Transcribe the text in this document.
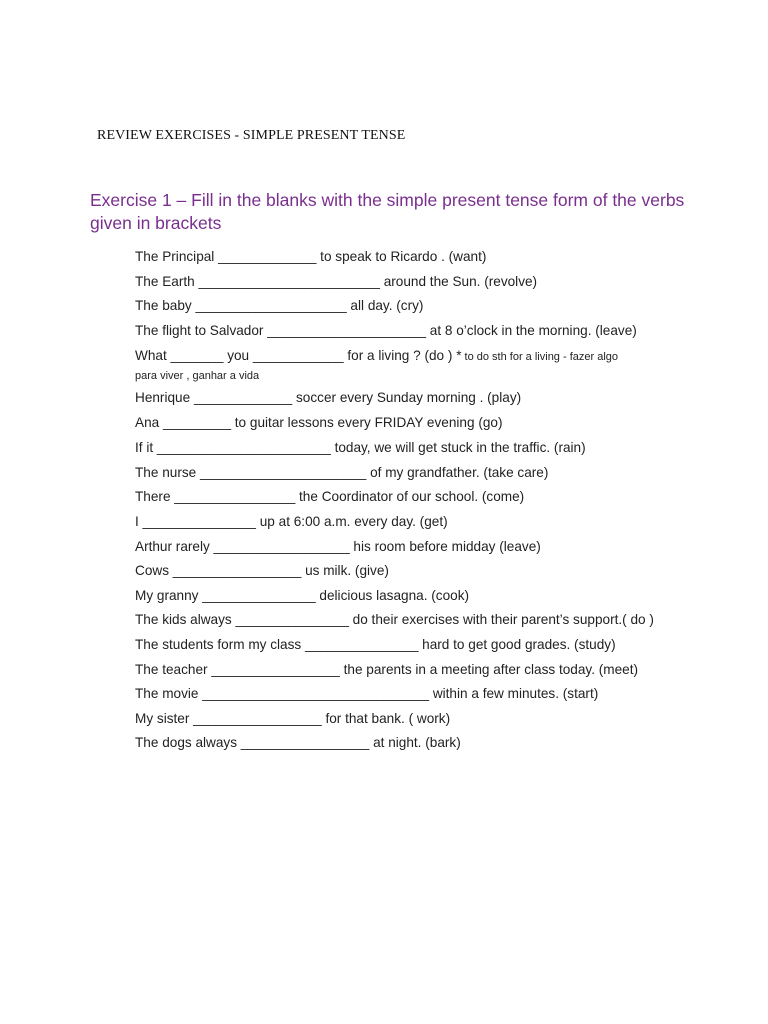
REVIEW EXERCISES - SIMPLE PRESENT TENSE
Exercise 1 – Fill in the blanks with the simple present tense form of the verbs given in brackets
The Principal _____________ to speak to Ricardo . (want)
The Earth ________________________ around the Sun. (revolve)
The baby ____________________ all day. (cry)
The flight to Salvador _____________________ at 8 o’clock in the morning. (leave)
What _______ you ____________ for a living ? (do ) * to do sth for a living - fazer algo
para viver , ganhar a vida
Henrique _____________ soccer every Sunday morning . (play)
Ana _________ to guitar lessons every FRIDAY evening (go)
If it _______________________ today, we will get stuck in the traffic. (rain)
The nurse ______________________ of my grandfather. (take care)
There ________________ the Coordinator of our school. (come)
I _______________ up at 6:00 a.m. every day. (get)
Arthur rarely __________________ his room before midday (leave)
Cows _________________ us milk. (give)
My granny _______________ delicious lasagna. (cook)
The kids always _______________ do their exercises with their parent’s support.( do )
The students form my class _______________ hard to get good grades. (study)
The teacher _________________ the parents in a meeting after class today. (meet)
The movie ______________________________ within a few minutes. (start)
My sister _________________ for that bank. ( work)
The dogs always _________________ at night. (bark)
